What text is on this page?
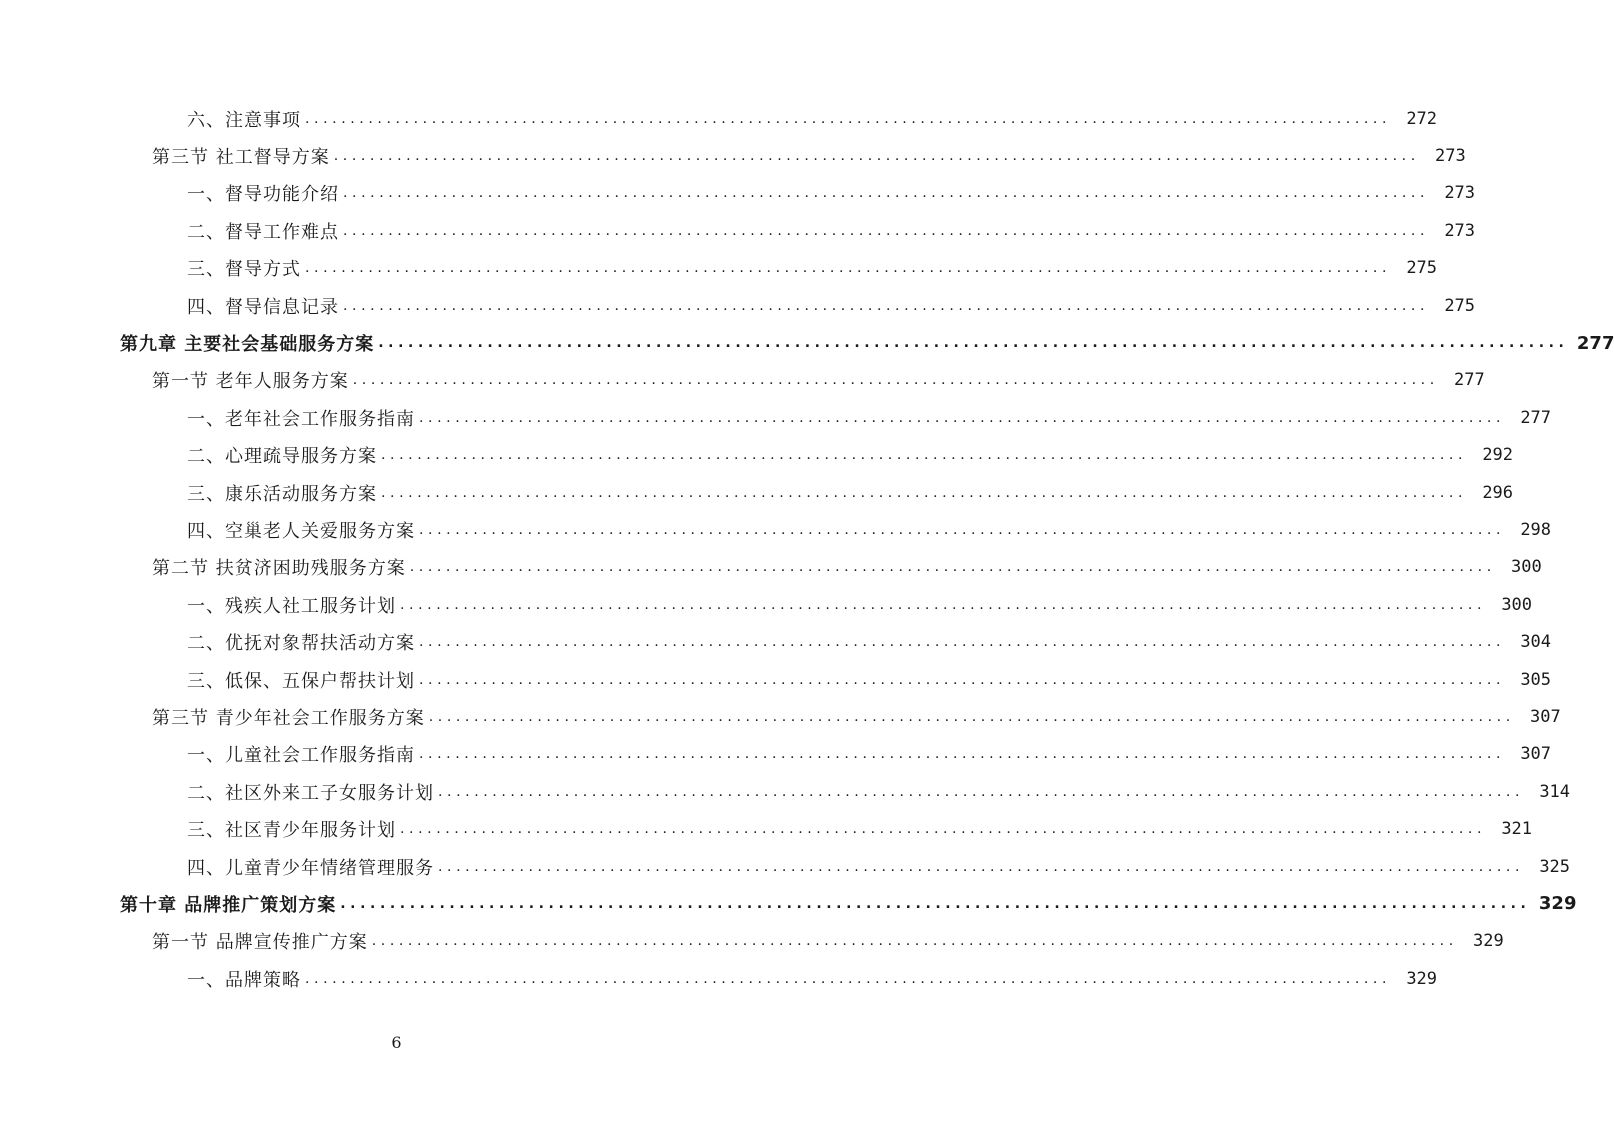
六、注意事项 ........................................................................................................................ 272
第三节 社工督导方案 ........................................................................................................................ 273
一、督导功能介绍 ........................................................................................................................ 273
二、督导工作难点 ........................................................................................................................ 273
三、督导方式 ........................................................................................................................ 275
四、督导信息记录 ........................................................................................................................ 275
第九章 主要社会基础服务方案 ........................................................................................................................ 277
第一节 老年人服务方案 ........................................................................................................................ 277
一、老年社会工作服务指南 ........................................................................................................................ 277
二、心理疏导服务方案 ........................................................................................................................ 292
三、康乐活动服务方案 ........................................................................................................................ 296
四、空巢老人关爱服务方案 ........................................................................................................................ 298
第二节 扶贫济困助残服务方案 ........................................................................................................................ 300
一、残疾人社工服务计划 ........................................................................................................................ 300
二、优抚对象帮扶活动方案 ........................................................................................................................ 304
三、低保、五保户帮扶计划 ........................................................................................................................ 305
第三节 青少年社会工作服务方案 ........................................................................................................................ 307
一、儿童社会工作服务指南 ........................................................................................................................ 307
二、社区外来工子女服务计划 ........................................................................................................................ 314
三、社区青少年服务计划 ........................................................................................................................ 321
四、儿童青少年情绪管理服务 ........................................................................................................................ 325
第十章 品牌推广策划方案 ........................................................................................................................ 329
第一节 品牌宣传推广方案 ........................................................................................................................ 329
一、品牌策略 ........................................................................................................................ 329
6
